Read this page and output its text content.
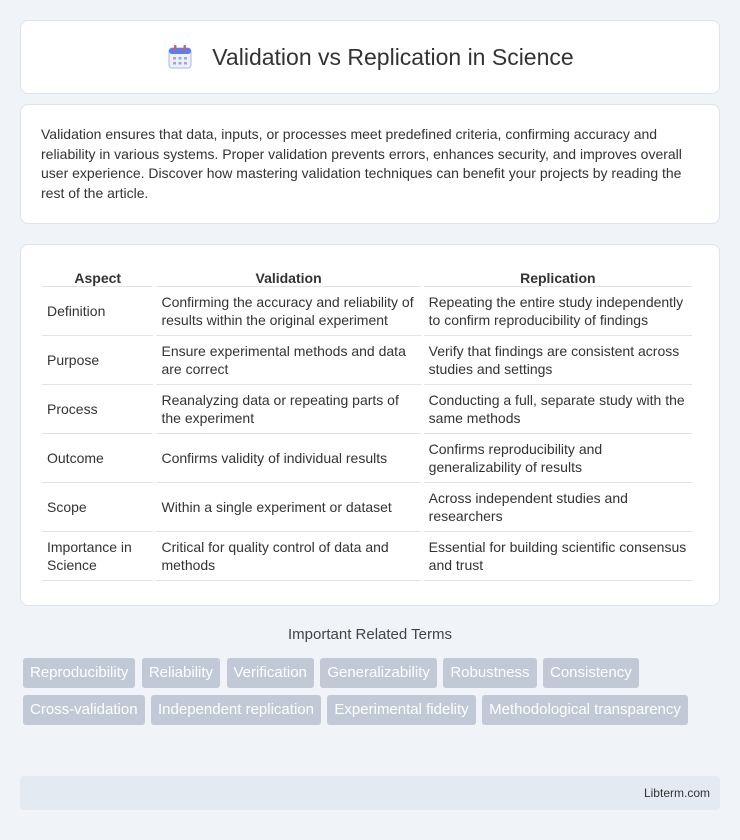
Validation vs Replication in Science

Validation ensures that data, inputs, or processes meet predefined criteria, confirming accuracy and reliability in various systems. Proper validation prevents errors, enhances security, and improves overall user experience. Discover how mastering validation techniques can benefit your projects by reading the rest of the article.

Aspect	Validation	Replication
Definition	Confirming the accuracy and reliability of results within the original experiment	Repeating the entire study independently to confirm reproducibility of findings
Purpose	Ensure experimental methods and data are correct	Verify that findings are consistent across studies and settings
Process	Reanalyzing data or repeating parts of the experiment	Conducting a full, separate study with the same methods
Outcome	Confirms validity of individual results	Confirms reproducibility and generalizability of results
Scope	Within a single experiment or dataset	Across independent studies and researchers
Importance in Science	Critical for quality control of data and methods	Essential for building scientific consensus and trust
Important Related Terms
Reproducibility Reliability Verification Generalizability Robustness Consistency Cross-validation Independent replication Experimental fidelity Methodological transparency
Libterm.com
